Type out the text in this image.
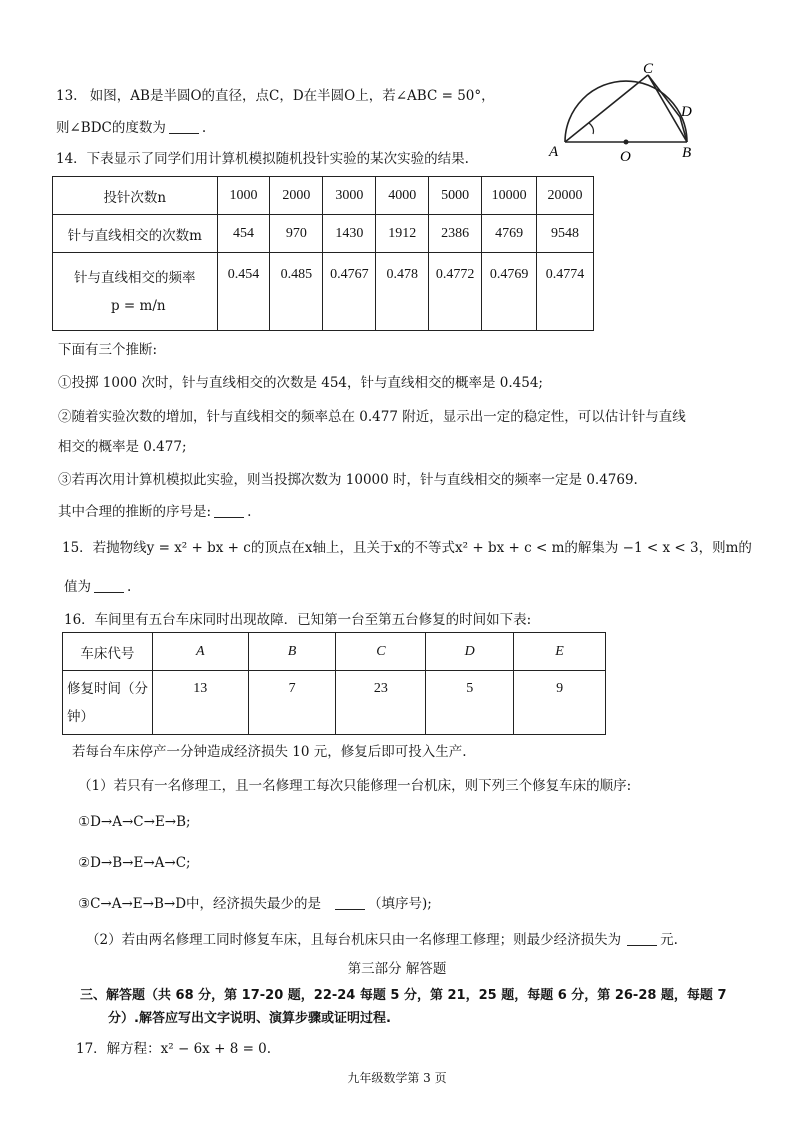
13. 如图，AB是半圆O的直径，点C，D在半圆O上，若∠ABC = 50°，
则∠BDC的度数为	.
A	O	B
C
D
14．下表显示了同学们用计算机模拟随机投针实验的某次实验的结果.
投针次数n	1000	2000	3000	4000	5000	10000	20000
针与直线相交的次数m	454	970	1430	1912	2386	4769	9548

针与直线相交的频率
p = m/n	0.454	0.485	0.4767	0.478	0.4772	0.4769	0.4774
下面有三个推断:
①投掷 1000 次时，针与直线相交的次数是 454，针与直线相交的概率是 0.454;
②随着实验次数的增加，针与直线相交的频率总在 0.477 附近，显示出一定的稳定性，可以估计针与直线
相交的概率是 0.477;
③若再次用计算机模拟此实验，则当投掷次数为 10000 时，针与直线相交的频率一定是 0.4769.
其中合理的推断的序号是:	.
15．若抛物线y = x² + bx + c的顶点在x轴上，且关于x的不等式x² + bx + c < m的解集为 −1 < x < 3，则m的
值为	.
16．车间里有五台车床同时出现故障．已知第一台至第五台修复的时间如下表:
车床代号	A	B	C	D	E

修复时间（分
钟）	13	7	23	5	9
若每台车床停产一分钟造成经济损失 10 元，修复后即可投入生产.
（1）若只有一名修理工，且一名修理工每次只能修理一台机床，则下列三个修复车床的顺序:
①D→A→C→E→B;
②D→B→E→A→C;
③C→A→E→B→D中，经济损失最少的是	（填序号);
（2）若由两名修理工同时修复车床，且每台机床只由一名修理工修理；则最少经济损失为	元.
第三部分 解答题
三、解答题（共 68 分，第 17-20 题，22-24 每题 5 分，第 21，25 题，每题 6 分，第 26-28 题，每题 7
分）.解答应写出文字说明、演算步骤或证明过程.
17．解方程：x² − 6x + 8 = 0.
九年级数学第 3 页
